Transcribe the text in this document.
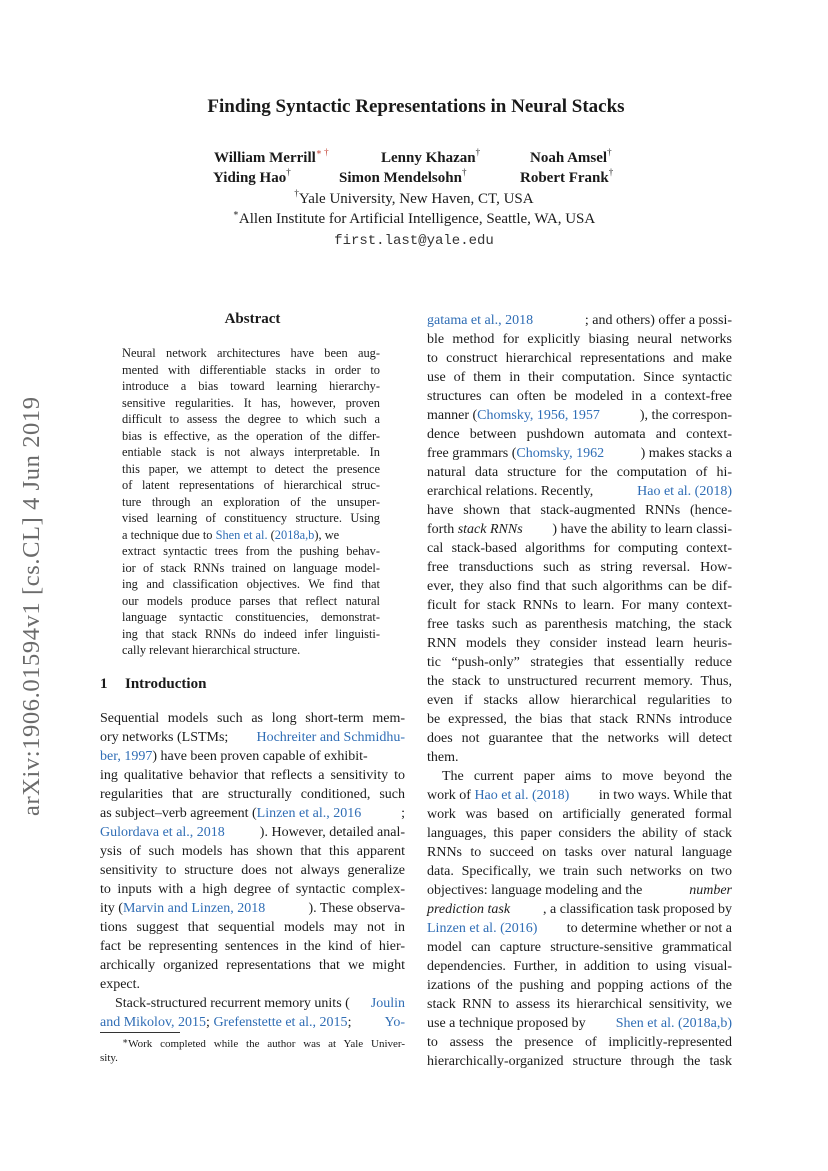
arXiv:1906.01594v1 [cs.CL] 4 Jun 2019
Finding Syntactic Representations in Neural Stacks
William Merrill∗ †	Lenny Khazan†	Noah Amsel†
Yiding Hao†	Simon Mendelsohn†	Robert Frank†
†Yale University, New Haven, CT, USA
∗Allen Institute for Artificial Intelligence, Seattle, WA, USA
first.last@yale.edu
Abstract
Neural network architectures have been aug-
mented with differentiable stacks in order to
introduce a bias toward learning hierarchy-
sensitive regularities. It has, however, proven
difficult to assess the degree to which such a
bias is effective, as the operation of the differ-
entiable stack is not always interpretable. In
this paper, we attempt to detect the presence
of latent representations of hierarchical struc-
ture through an exploration of the unsuper-
vised learning of constituency structure. Using
a technique due to Shen et al. (2018a,b), we
extract syntactic trees from the pushing behav-
ior of stack RNNs trained on language model-
ing and classification objectives. We find that
our models produce parses that reflect natural
language syntactic constituencies, demonstrat-
ing that stack RNNs do indeed infer linguisti-
cally relevant hierarchical structure.
1 Introduction
Sequential models such as long short-term mem-
ory networks (LSTMs; Hochreiter and Schmidhu-
ber, 1997) have been proven capable of exhibit-
ing qualitative behavior that reflects a sensitivity to
regularities that are structurally conditioned, such
as subject–verb agreement (Linzen et al., 2016	;
Gulordava et al., 2018	). However, detailed anal-
ysis of such models has shown that this apparent
sensitivity to structure does not always generalize
to inputs with a high degree of syntactic complex-
ity (Marvin and Linzen, 2018	). These observa-
tions suggest that sequential models may not in
fact be representing sentences in the kind of hier-
archically organized representations that we might
expect.
Stack-structured recurrent memory units ( Joulin
and Mikolov, 2015; Grefenstette et al., 2015; Yo-
∗Work completed while the author was at Yale Univer-
sity.
gatama et al., 2018	; and others) offer a possi-
ble method for explicitly biasing neural networks
to construct hierarchical representations and make
use of them in their computation. Since syntactic
structures can often be modeled in a context-free
manner (Chomsky, 1956, 1957	), the correspon-
dence between pushdown automata and context-
free grammars (Chomsky, 1962	) makes stacks a
natural data structure for the computation of hi-
erarchical relations. Recently,	Hao et al. (2018)
have shown that stack-augmented RNNs (hence-
forth stack RNNs ) have the ability to learn classi-
cal stack-based algorithms for computing context-
free transductions such as string reversal. How-
ever, they also find that such algorithms can be dif-
ficult for stack RNNs to learn. For many context-
free tasks such as parenthesis matching, the stack
RNN models they consider instead learn heuris-
tic “push-only” strategies that essentially reduce
the stack to unstructured recurrent memory. Thus,
even if stacks allow hierarchical regularities to
be expressed, the bias that stack RNNs introduce
does not guarantee that the networks will detect
them.
The current paper aims to move beyond the
work of Hao et al. (2018) in two ways. While that
work was based on artificially generated formal
languages, this paper considers the ability of stack
RNNs to succeed on tasks over natural language
data. Specifically, we train such networks on two
objectives: language modeling and the	number
prediction task , a classification task proposed by
Linzen et al. (2016) to determine whether or not a
model can capture structure-sensitive grammatical
dependencies. Further, in addition to using visual-
izations of the pushing and popping actions of the
stack RNN to assess its hierarchical sensitivity, we
use a technique proposed by Shen et al. (2018a,b)
to assess the presence of implicitly-represented
hierarchically-organized structure through the task
